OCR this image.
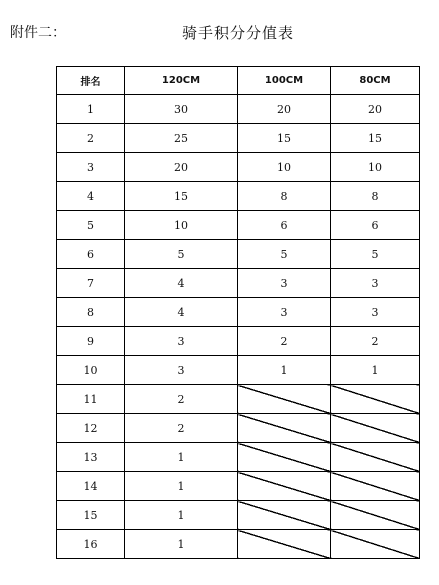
附件二：	骑手积分分值表
排名	120CM	100CM	80CM
1	30	20	20
2	25	15	15
3	20	10	10
4	15	8	8
5	10	6	6
6	5	5	5
7	4	3	3
8	4	3	3
9	3	2	2
10	3	1	1
11	2		
12	2		
13	1		
14	1		
15	1		
16	1		
